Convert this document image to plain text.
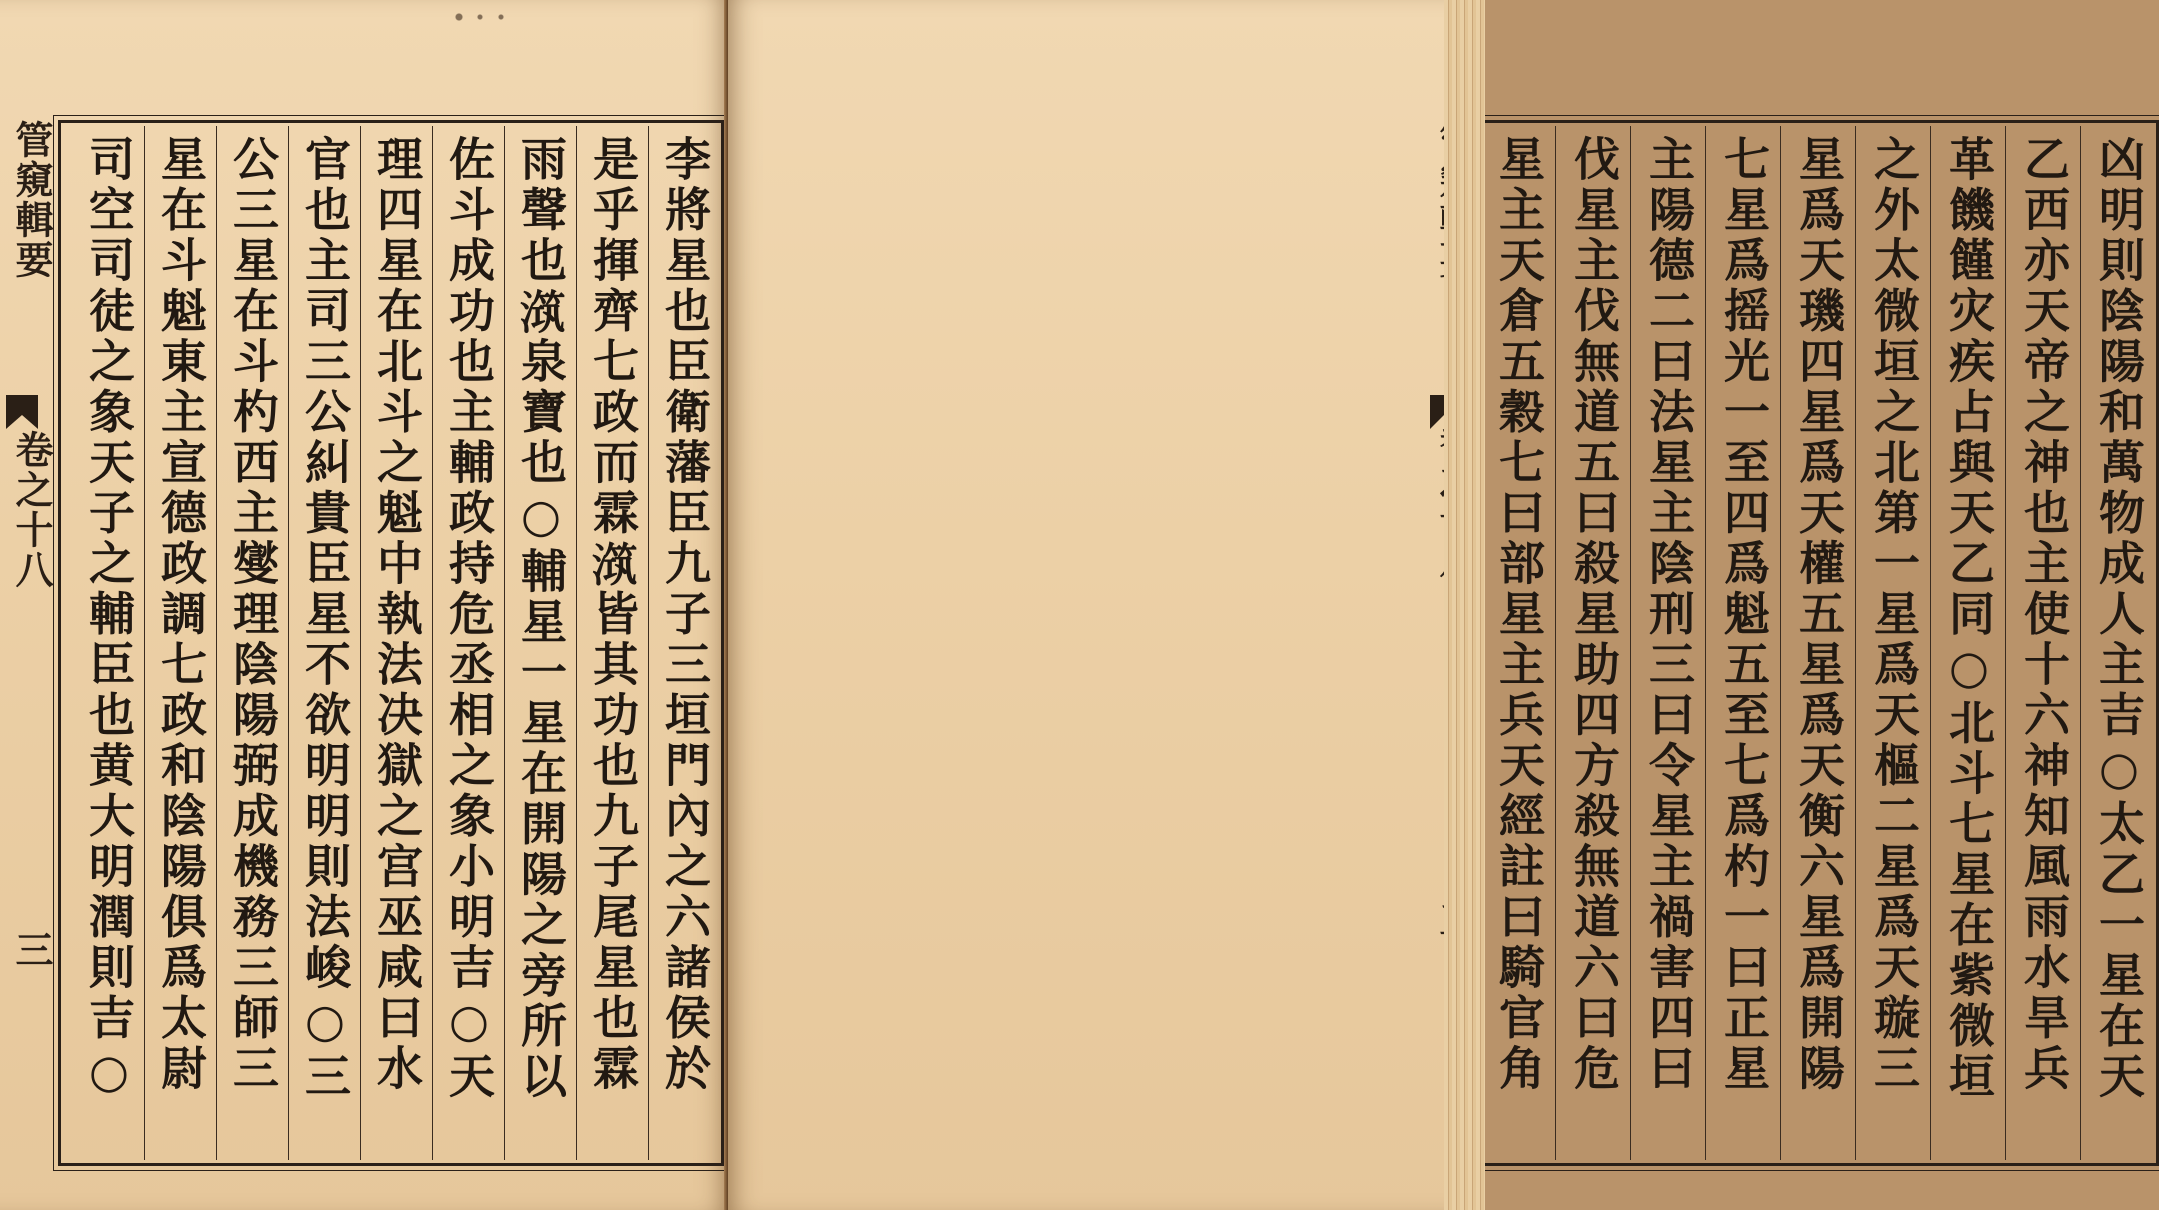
管窺輯要
卷之十八
三	李將星也臣衛藩臣九子三垣門內之六諸侯於
是乎揮齊七政而霖𣽆皆其功也九子尾星也霖
雨聲也𣽆泉寶也○輔星一星在開陽之旁所以
佐斗成功也主輔政持危丞相之象小明吉○天
理四星在北斗之魁中執法决獄之宫巫咸曰水
官也主司三公糾貴臣星不欲明明則法峻○三
公三星在斗杓西主燮理陰陽弼成機務三師三
星在斗魁東主宣德政調七政和陰陽俱爲太尉
司空司徒之象天子之輔臣也黄大明潤則吉○	凶明則陰陽和萬物成人主吉○太乙一星在天
乙西亦天帝之神也主使十六神知風雨水旱兵
革饑饉灾疾占與天乙同○北斗七星在紫微垣
之外太微垣之北第一星爲天樞二星爲天璇三
星爲天璣四星爲天權五星爲天衡六星爲開陽
七星爲摇光一至四爲魁五至七爲杓一曰正星
主陽德二曰法星主陰刑三曰令星主禍害四曰
伐星主伐無道五曰殺星助四方殺無道六曰危
星主天倉五穀七曰部星主兵天經註曰騎官角
